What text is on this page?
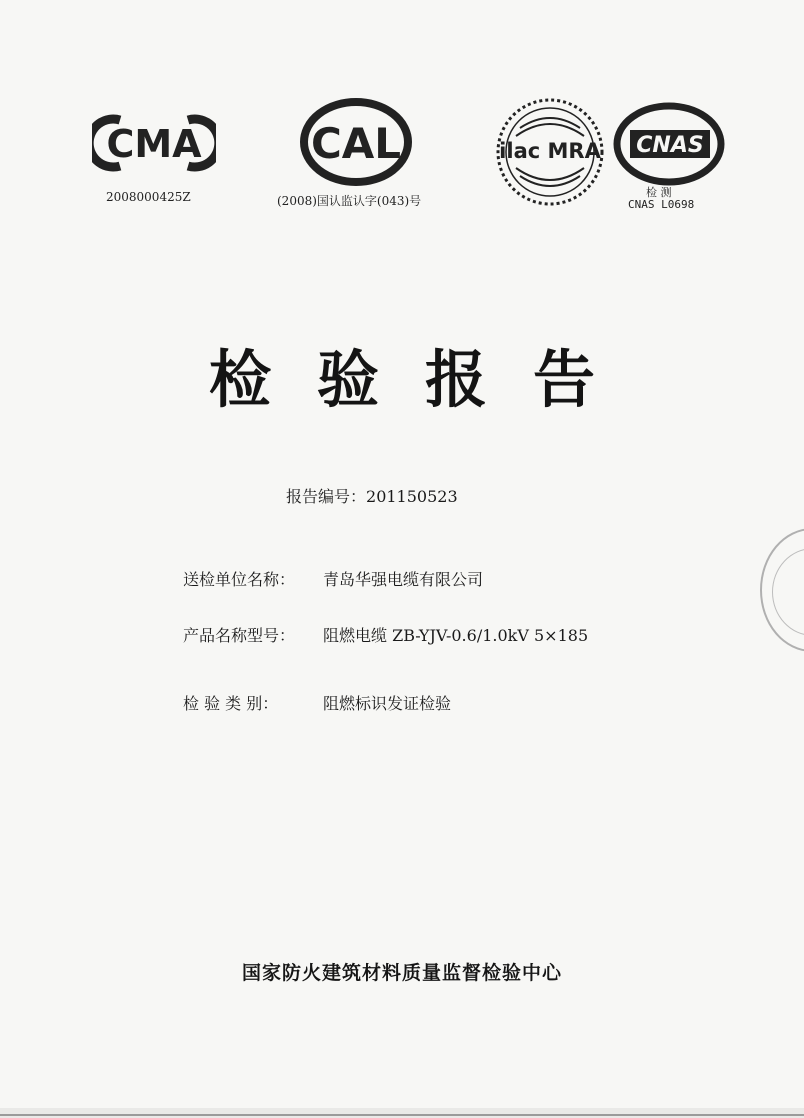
CMA
2008000425Z
CAL
(2008)国认监认字(043)号
ilac MRA CNAS
检 测
CNAS L0698
检验报告
报告编号：201150523
送检单位名称： 青岛华强电缆有限公司
产品名称型号： 阻燃电缆 ZB-YJV-0.6/1.0kV 5×185
检 验 类 别：	阻燃标识发证检验
国家防火建筑材料质量监督检验中心
